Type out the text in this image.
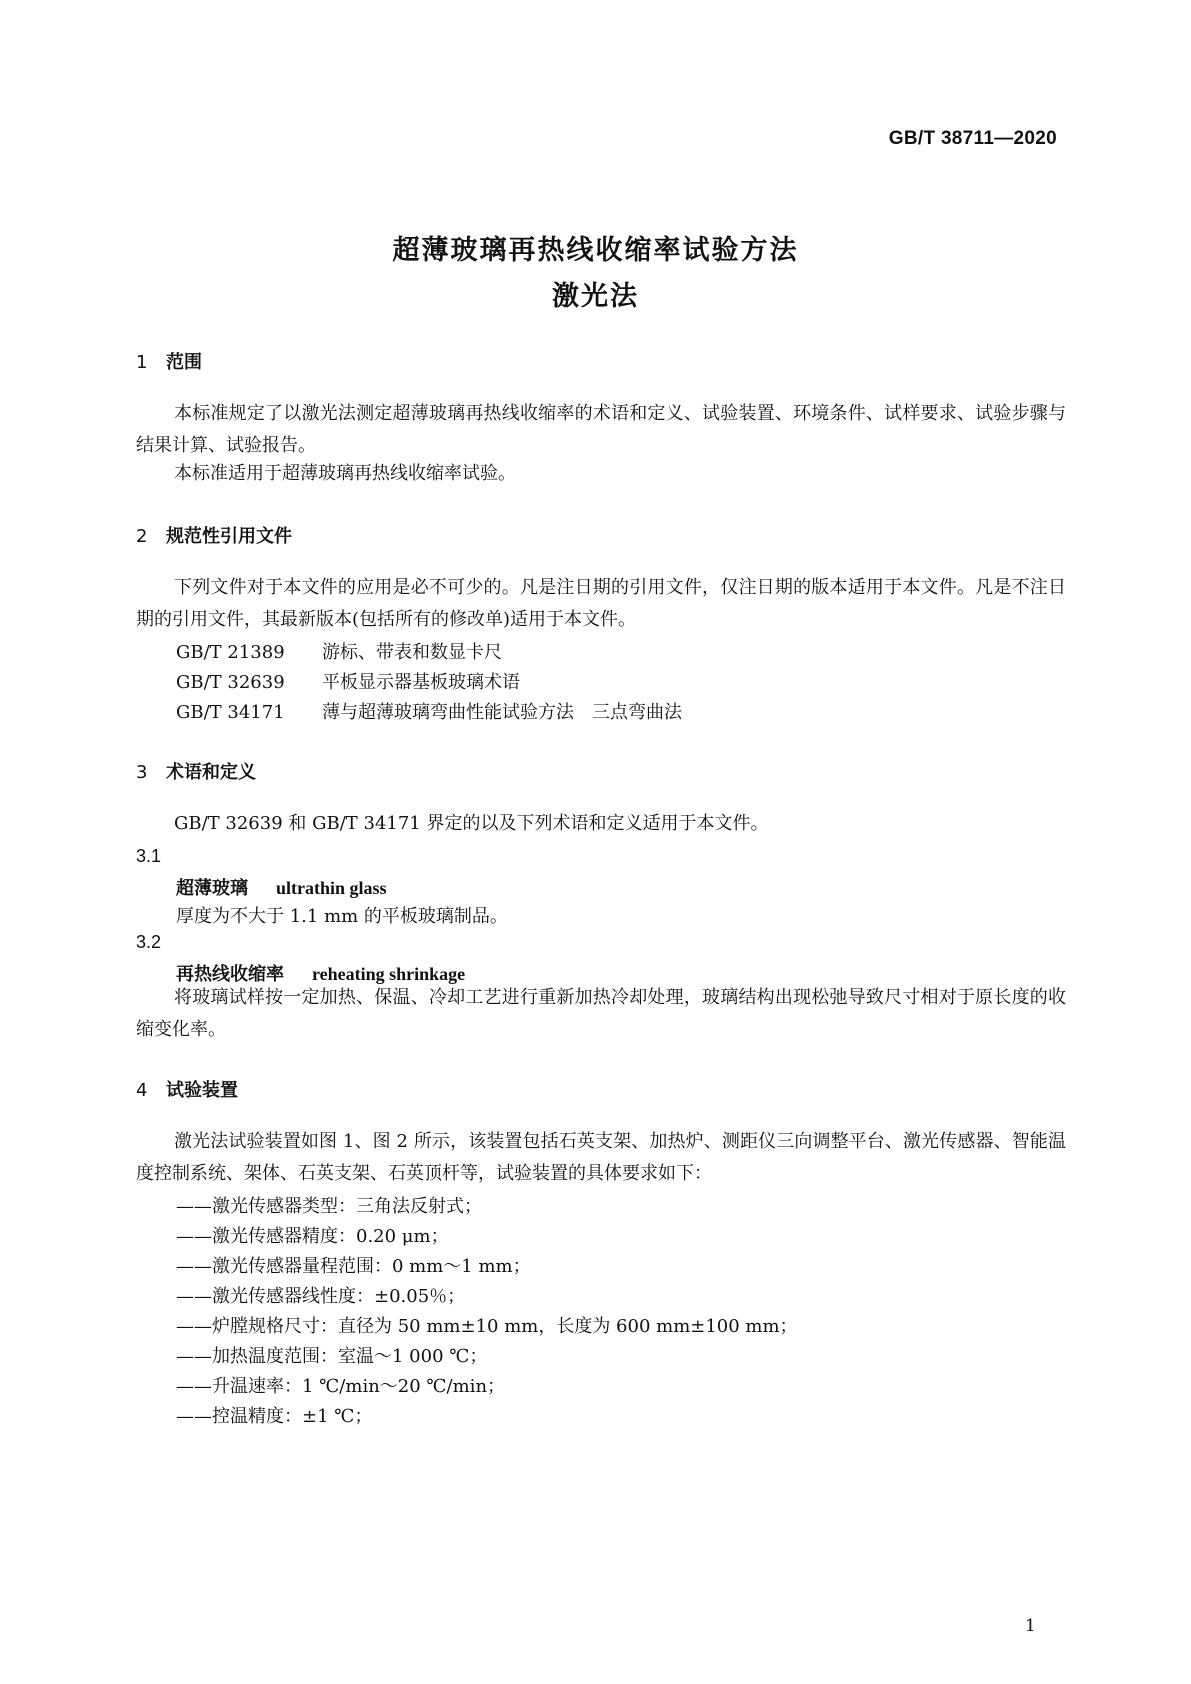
GB/T 38711—2020
超薄玻璃再热线收缩率试验方法
激光法
1 范围

本标准规定了以激光法测定超薄玻璃再热线收缩率的术语和定义、试验装置、环境条件、试样要求、试验步骤与结果计算、试验报告。

本标准适用于超薄玻璃再热线收缩率试验。

2 规范性引用文件

下列文件对于本文件的应用是必不可少的。凡是注日期的引用文件，仅注日期的版本适用于本文件。凡是不注日期的引用文件，其最新版本(包括所有的修改单)适用于本文件。

GB/T 21389 游标、带表和数显卡尺
GB/T 32639 平板显示器基板玻璃术语
GB/T 34171 薄与超薄玻璃弯曲性能试验方法　三点弯曲法
3 术语和定义

GB/T 32639 和 GB/T 34171 界定的以及下列术语和定义适用于本文件。

3.1
超薄玻璃 ultrathin glass
厚度为不大于 1.1 mm 的平板玻璃制品。
3.2
再热线收缩率 reheating shrinkage

将玻璃试样按一定加热、保温、冷却工艺进行重新加热冷却处理，玻璃结构出现松弛导致尺寸相对于原长度的收缩变化率。

4 试验装置

激光法试验装置如图 1、图 2 所示，该装置包括石英支架、加热炉、测距仪三向调整平台、激光传感器、智能温度控制系统、架体、石英支架、石英顶杆等，试验装置的具体要求如下：

——激光传感器类型：三角法反射式；
——激光传感器精度：0.20 μm；
——激光传感器量程范围：0 mm～1 mm；
——激光传感器线性度：±0.05％；
——炉膛规格尺寸：直径为 50 mm±10 mm，长度为 600 mm±100 mm；
——加热温度范围：室温～1 000 ℃；
——升温速率：1 ℃/min～20 ℃/min；
——控温精度：±1 ℃；
1
